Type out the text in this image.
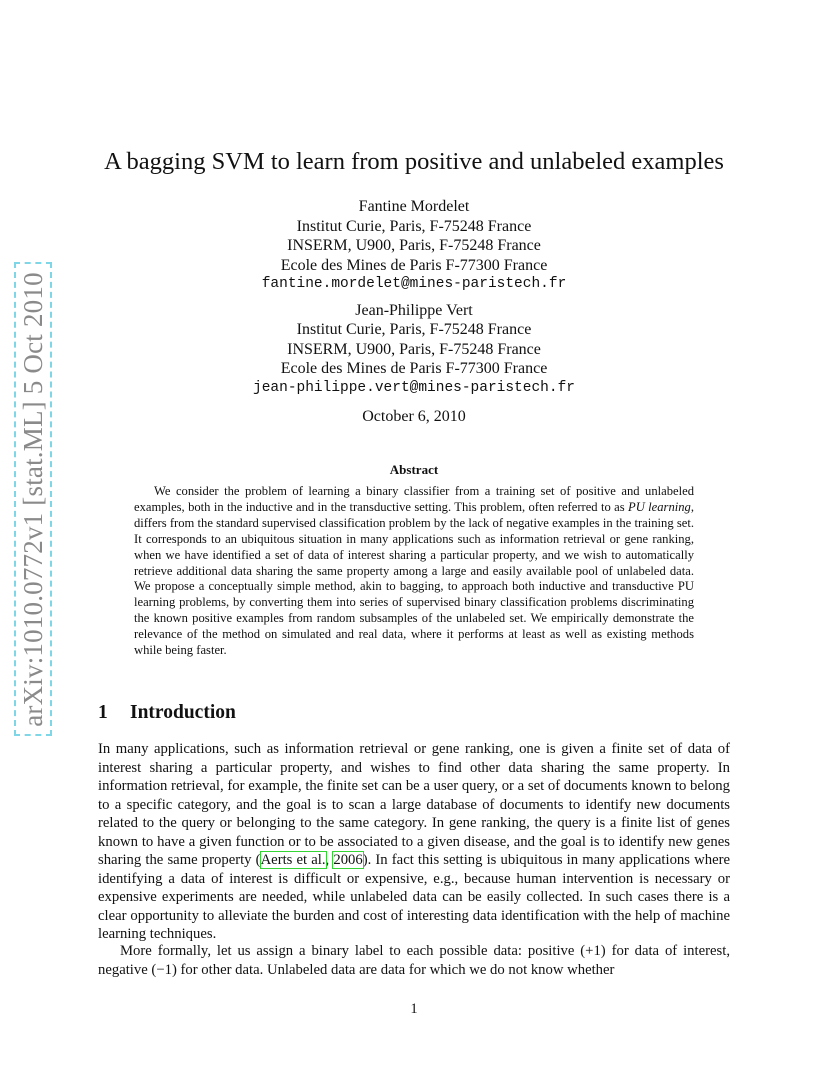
arXiv:1010.0772v1 [stat.ML] 5 Oct 2010
A bagging SVM to learn from positive and unlabeled examples
Fantine Mordelet
Institut Curie, Paris, F-75248 France
INSERM, U900, Paris, F-75248 France
Ecole des Mines de Paris F-77300 France
fantine.mordelet@mines-paristech.fr
Jean-Philippe Vert
Institut Curie, Paris, F-75248 France
INSERM, U900, Paris, F-75248 France
Ecole des Mines de Paris F-77300 France
jean-philippe.vert@mines-paristech.fr
October 6, 2010
Abstract

We consider the problem of learning a binary classifier from a training set of positive and unlabeled examples, both in the inductive and in the transductive setting. This problem, often referred to as PU learning, differs from the standard supervised classification problem by the lack of negative examples in the training set. It corresponds to an ubiquitous situation in many applications such as information retrieval or gene ranking, when we have identified a set of data of interest sharing a particular property, and we wish to automatically retrieve additional data sharing the same property among a large and easily available pool of unlabeled data. We propose a conceptually simple method, akin to bagging, to approach both inductive and transductive PU learning problems, by converting them into series of supervised binary classification problems discriminating the known positive examples from random subsamples of the unlabeled set. We empirically demonstrate the relevance of the method on simulated and real data, where it performs at least as well as existing methods while being faster.

1 Introduction

In many applications, such as information retrieval or gene ranking, one is given a finite set of data of interest sharing a particular property, and wishes to find other data sharing the same property. In information retrieval, for example, the finite set can be a user query, or a set of documents known to belong to a specific category, and the goal is to scan a large database of documents to identify new documents related to the query or belonging to the same category. In gene ranking, the query is a finite list of genes known to have a given function or to be associated to a given disease, and the goal is to identify new genes sharing the same property (Aerts et al., 2006). In fact this setting is ubiquitous in many applications where identifying a data of interest is difficult or expensive, e.g., because human intervention is necessary or expensive experiments are needed, while unlabeled data can be easily collected. In such cases there is a clear opportunity to alleviate the burden and cost of interesting data identification with the help of machine learning techniques.

More formally, let us assign a binary label to each possible data: positive (+1) for data of interest, negative (−1) for other data. Unlabeled data are data for which we do not know whether

1
